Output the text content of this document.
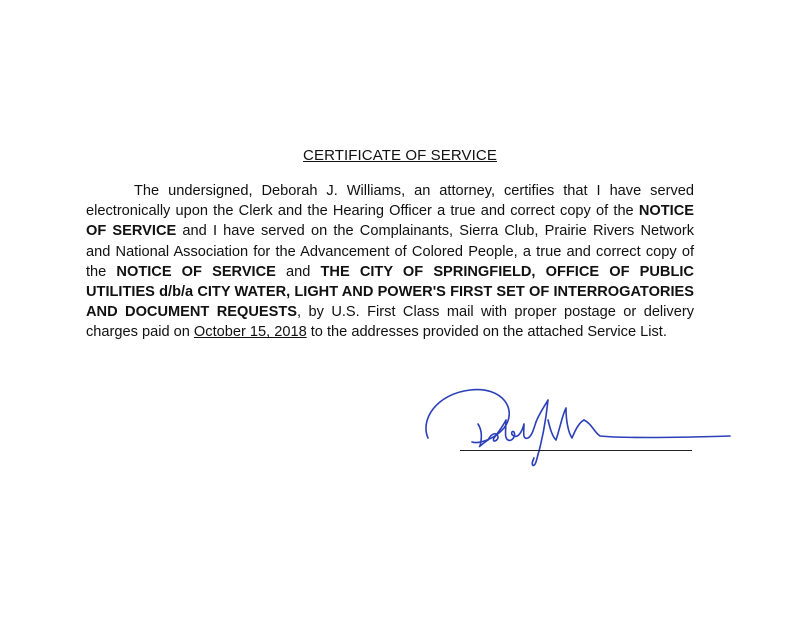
CERTIFICATE OF SERVICE

The undersigned, Deborah J. Williams, an attorney, certifies that I have served electronically upon the Clerk and the Hearing Officer a true and correct copy of the NOTICE OF SERVICE and I have served on the Complainants, Sierra Club, Prairie Rivers Network and National Association for the Advancement of Colored People, a true and correct copy of the NOTICE OF SERVICE and THE CITY OF SPRINGFIELD, OFFICE OF PUBLIC UTILITIES d/b/a CITY WATER, LIGHT AND POWER'S FIRST SET OF INTERROGATORIES AND DOCUMENT REQUESTS, by U.S. First Class mail with proper postage or delivery charges paid on October 15, 2018 to the addresses provided on the attached Service List.
